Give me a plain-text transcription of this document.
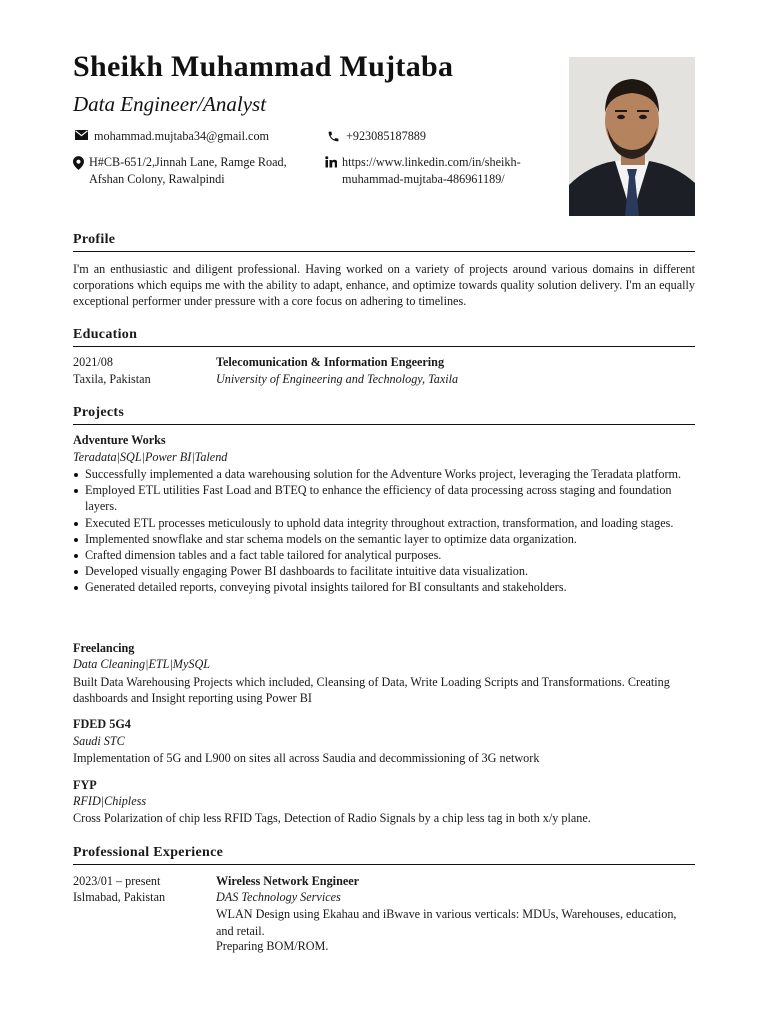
Sheikh Muhammad Mujtaba
Data Engineer/Analyst
mohammad.mujtaba34@gmail.com	+923085187889
H#CB-651/2,Jinnah Lane, Ramge Road, Afshan Colony, Rawalpindi
https://www.linkedin.com/in/sheikh-muhammad-mujtaba-486961189/
Profile
I'm an enthusiastic and diligent professional. Having worked on a variety of projects around various domains in different corporations which equips me with the ability to adapt, enhance, and optimize towards quality solution delivery. I'm an equally exceptional performer under pressure with a core focus on adhering to timelines.
Education
2021/08
Taxila, Pakistan
Telecomunication & Information Engeering
University of Engineering and Technology, Taxila
Projects
Adventure Works
Teradata|SQL|Power BI|Talend
Successfully implemented a data warehousing solution for the Adventure Works project, leveraging the Teradata platform.
Employed ETL utilities Fast Load and BTEQ to enhance the efficiency of data processing across staging and foundation layers.
Executed ETL processes meticulously to uphold data integrity throughout extraction, transformation, and loading stages.
Implemented snowflake and star schema models on the semantic layer to optimize data organization.
Crafted dimension tables and a fact table tailored for analytical purposes.
Developed visually engaging Power BI dashboards to facilitate intuitive data visualization.
Generated detailed reports, conveying pivotal insights tailored for BI consultants and stakeholders.
Freelancing
Data Cleaning|ETL|MySQL
Built Data Warehousing Projects which included, Cleansing of Data, Write Loading Scripts and Transformations. Creating dashboards and Insight reporting using Power BI
FDED 5G4
Saudi STC
Implementation of 5G and L900 on sites all across Saudia and decommissioning of 3G network
FYP
RFID|Chipless
Cross Polarization of chip less RFID Tags, Detection of Radio Signals by a chip less tag in both x/y plane.
Professional Experience
2023/01 – present
Islmabad, Pakistan
Wireless Network Engineer
DAS Technology Services
WLAN Design using Ekahau and iBwave in various verticals: MDUs, Warehouses, education, and retail.
Preparing BOM/ROM.
